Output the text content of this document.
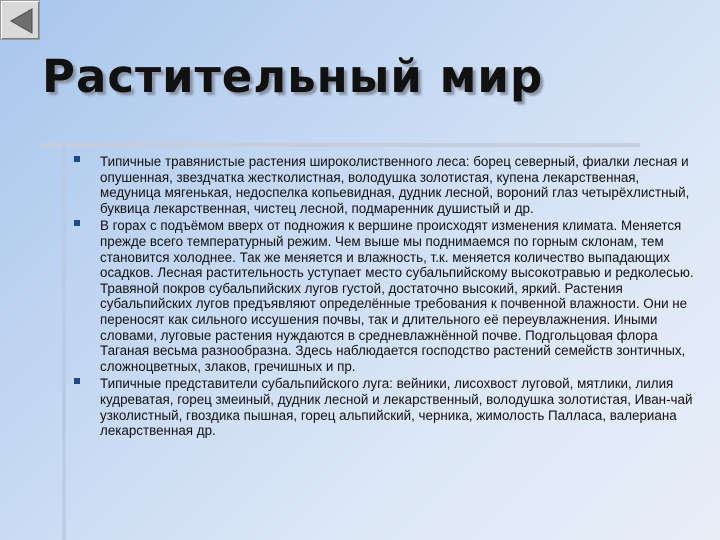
Растительный мир
Типичные травянистые растения широколиственного леса: борец северный, фиалки лесная и опушенная, звездчатка жестколистная, володушка золотистая, купена лекарственная, медуница мягенькая, недоспелка копьевидная, дудник лесной, вороний глаз четырёхлистный, буквица лекарственная, чистец лесной, подмаренник душистый и др.
В горах с подъёмом вверх от подножия к вершине происходят изменения климата. Меняется прежде всего температурный режим. Чем выше мы поднимаемся по горным склонам, тем становится холоднее. Так же меняется и влажность, т.к. меняется количество выпадающих осадков. Лесная растительность уступает место субальпийскому высокотравью и редколесью. Травяной покров субальпийских лугов густой, достаточно высокий, яркий. Растения субальпийских лугов предъявляют определённые требования к почвенной влажности. Они не переносят как сильного иссушения почвы, так и длительного её переувлажнения. Иными словами, луговые растения нуждаются в средневлажнённой почве. Подгольцовая флора Таганая весьма разнообразна. Здесь наблюдается господство растений семейств зонтичных, сложноцветных, злаков, гречишных и пр.
Типичные представители субальпийского луга: вейники, лисохвост луговой, мятлики, лилия кудреватая, горец змеиный, дудник лесной и лекарственный, володушка золотистая, Иван-чай узколистный, гвоздика пышная, горец альпийский, черника, жимолость Палласа, валериана лекарственная др.
